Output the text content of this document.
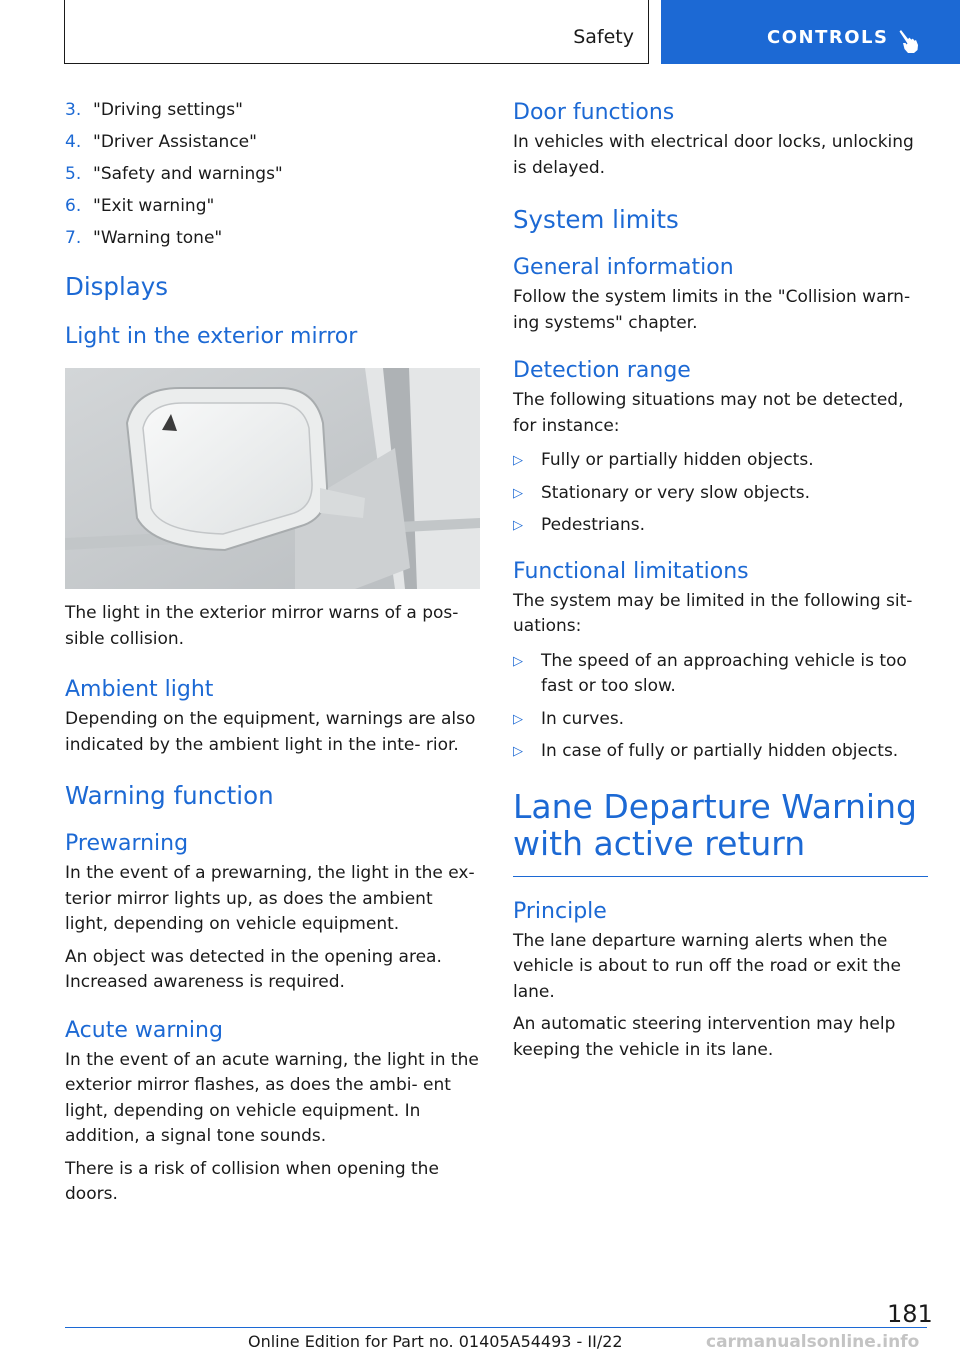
Safety	CONTROLS
3. "Driving settings"
4. "Driver Assistance"
5. "Safety and warnings"
6. "Exit warning"
7. "Warning tone"
Displays
Light in the exterior mirror

The light in the exterior mirror warns of a pos- sible collision.

Ambient light

Depending on the equipment, warnings are also indicated by the ambient light in the inte- rior.

Warning function
Prewarning

In the event of a prewarning, the light in the ex- terior mirror lights up, as does the ambient light, depending on vehicle equipment.

An object was detected in the opening area. Increased awareness is required.

Acute warning

In the event of an acute warning, the light in the exterior mirror flashes, as does the ambi- ent light, depending on vehicle equipment. In addition, a signal tone sounds.

There is a risk of collision when opening the doors.

Door functions

In vehicles with electrical door locks, unlocking is delayed.

System limits
General information

Follow the system limits in the "Collision warn- ing systems" chapter.

Detection range

The following situations may not be detected, for instance:

▷ Fully or partially hidden objects.
▷ Stationary or very slow objects.
▷ Pedestrians.
Functional limitations

The system may be limited in the following sit- uations:

▷ The speed of an approaching vehicle is too fast or too slow.
▷ In curves.
▷ In case of fully or partially hidden objects.
Lane Departure Warning
with active return
Principle

The lane departure warning alerts when the vehicle is about to run off the road or exit the lane.

An automatic steering intervention may help keeping the vehicle in its lane.

181
Online Edition for Part no. 01405A54493 - II/22	carmanualsonline.info
